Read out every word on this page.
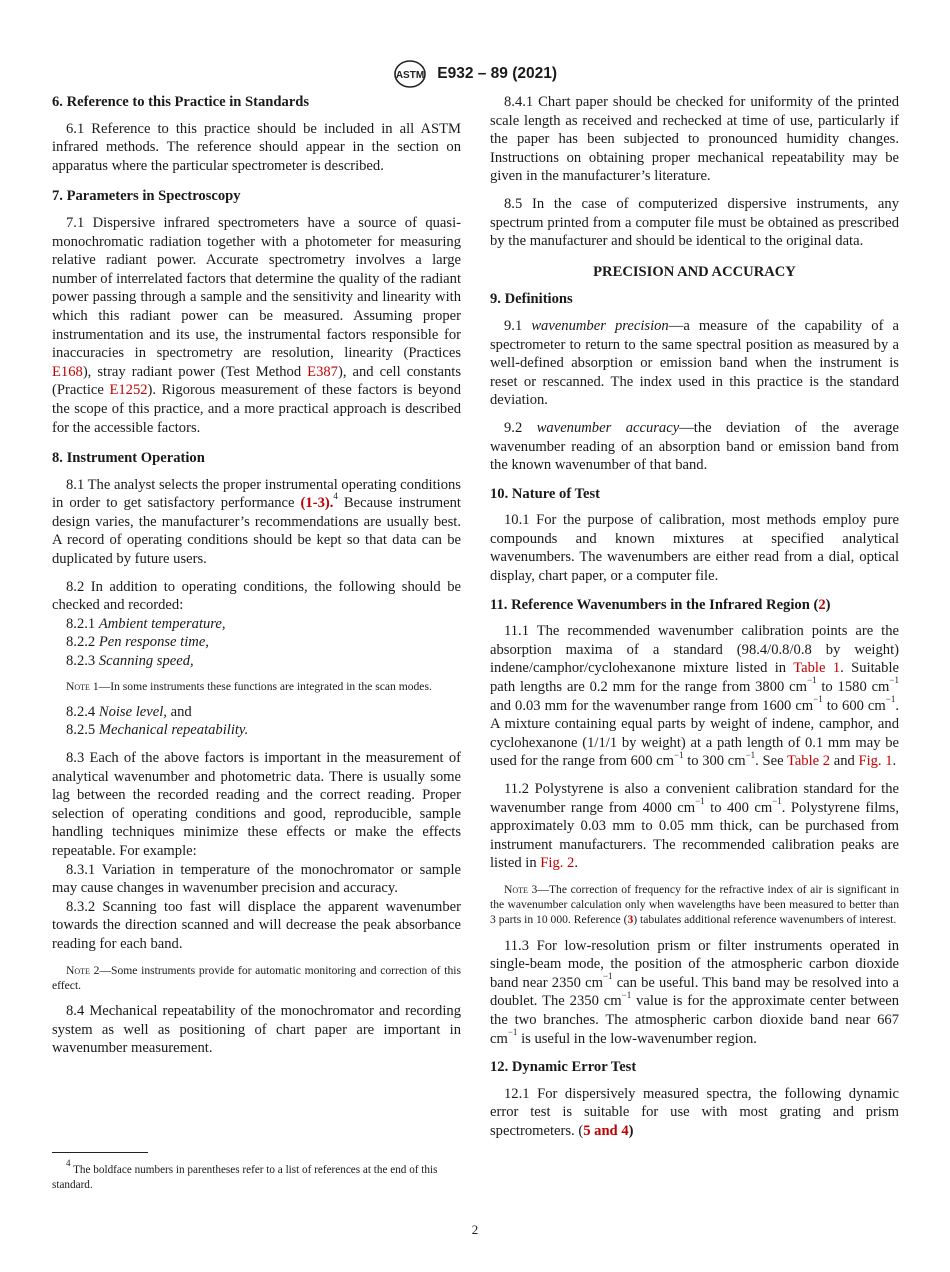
ASTM E932 – 89 (2021)
6. Reference to this Practice in Standards

6.1 Reference to this practice should be included in all ASTM infrared methods. The reference should appear in the section on apparatus where the particular spectrometer is described.

7. Parameters in Spectroscopy

7.1 Dispersive infrared spectrometers have a source of quasi-monochromatic radiation together with a photometer for measuring relative radiant power. Accurate spectrometry involves a large number of interrelated factors that determine the quality of the radiant power passing through a sample and the sensitivity and linearity with which this radiant power can be measured. Assuming proper instrumentation and its use, the instrumental factors responsible for inaccuracies in spectrometry are resolution, linearity (Practices E168), stray radiant power (Test Method E387), and cell constants (Practice E1252). Rigorous measurement of these factors is beyond the scope of this practice, and a more practical approach is described for the accessible factors.

8. Instrument Operation

8.1 The analyst selects the proper instrumental operating conditions in order to get satisfactory performance (1-3).$^4$ Because instrument design varies, the manufacturer’s recommendations are usually best. A record of operating conditions should be kept so that data can be duplicated by future users.

8.2 In addition to operating conditions, the following should be checked and recorded:

8.2.1 Ambient temperature,
8.2.2 Pen response time,
8.2.3 Scanning speed,
Note 1—In some instruments these functions are integrated in the scan modes.
8.2.4 Noise level, and
8.2.5 Mechanical repeatability.

8.3 Each of the above factors is important in the measurement of analytical wavenumber and photometric data. There is usually some lag between the recorded reading and the correct reading. Proper selection of operating conditions and good, reproducible, sample handling techniques minimize these effects or make the effects repeatable. For example:

8.3.1 Variation in temperature of the monochromator or sample may cause changes in wavenumber precision and accuracy.

8.3.2 Scanning too fast will displace the apparent wavenumber towards the direction scanned and will decrease the peak absorbance reading for each band.

Note 2—Some instruments provide for automatic monitoring and correction of this effect.

8.4 Mechanical repeatability of the monochromator and recording system as well as positioning of chart paper are important in wavenumber measurement.

$^4$ The boldface numbers in parentheses refer to a list of references at the end of this standard.

8.4.1 Chart paper should be checked for uniformity of the printed scale length as received and rechecked at time of use, particularly if the paper has been subjected to pronounced humidity changes. Instructions on obtaining proper mechanical repeatability may be given in the manufacturer’s literature.

8.5 In the case of computerized dispersive instruments, any spectrum printed from a computer file must be obtained as prescribed by the manufacturer and should be identical to the original data.

PRECISION AND ACCURACY
9. Definitions

9.1 wavenumber precision—a measure of the capability of a spectrometer to return to the same spectral position as measured by a well-defined absorption or emission band when the instrument is reset or rescanned. The index used in this practice is the standard deviation.

9.2 wavenumber accuracy—the deviation of the average wavenumber reading of an absorption band or emission band from the known wavenumber of that band.

10. Nature of Test

10.1 For the purpose of calibration, most methods employ pure compounds and known mixtures at specified analytical wavenumbers. The wavenumbers are either read from a dial, optical display, chart paper, or a computer file.

11. Reference Wavenumbers in the Infrared Region (2)

11.1 The recommended wavenumber calibration points are the absorption maxima of a standard (98.4/0.8/0.8 by weight) indene/camphor/cyclohexanone mixture listed in Table 1. Suitable path lengths are 0.2 mm for the range from 3800 $cm^{-1}$ to 1580 $cm^{-1}$ and 0.03 mm for the wavenumber range from 1600 $cm^{-1}$ to 600 $cm^{-1}$. A mixture containing equal parts by weight of indene, camphor, and cyclohexanone (1/1/1 by weight) at a path length of 0.1 mm may be used for the range from 600 $cm^{-1}$ to 300 $cm^{-1}$. See Table 2 and Fig. 1.

11.2 Polystyrene is also a convenient calibration standard for the wavenumber range from 4000 $cm^{-1}$ to 400 $cm^{-1}$. Polystyrene films, approximately 0.03 mm to 0.05 mm thick, can be purchased from instrument manufacturers. The recommended calibration peaks are listed in Fig. 2.

Note 3—The correction of frequency for the refractive index of air is significant in the wavenumber calculation only when wavelengths have been measured to better than 3 parts in 10 000. Reference (3) tabulates additional reference wavenumbers of interest.

11.3 For low-resolution prism or filter instruments operated in single-beam mode, the position of the atmospheric carbon dioxide band near 2350 $cm^{-1}$ can be useful. This band may be resolved into a doublet. The 2350 $cm^{-1}$ value is for the approximate center between the two branches. The atmospheric carbon dioxide band near 667 $cm^{-1}$ is useful in the low-wavenumber region.

12. Dynamic Error Test

12.1 For dispersively measured spectra, the following dynamic error test is suitable for use with most grating and prism spectrometers. (5 and 4)

2
